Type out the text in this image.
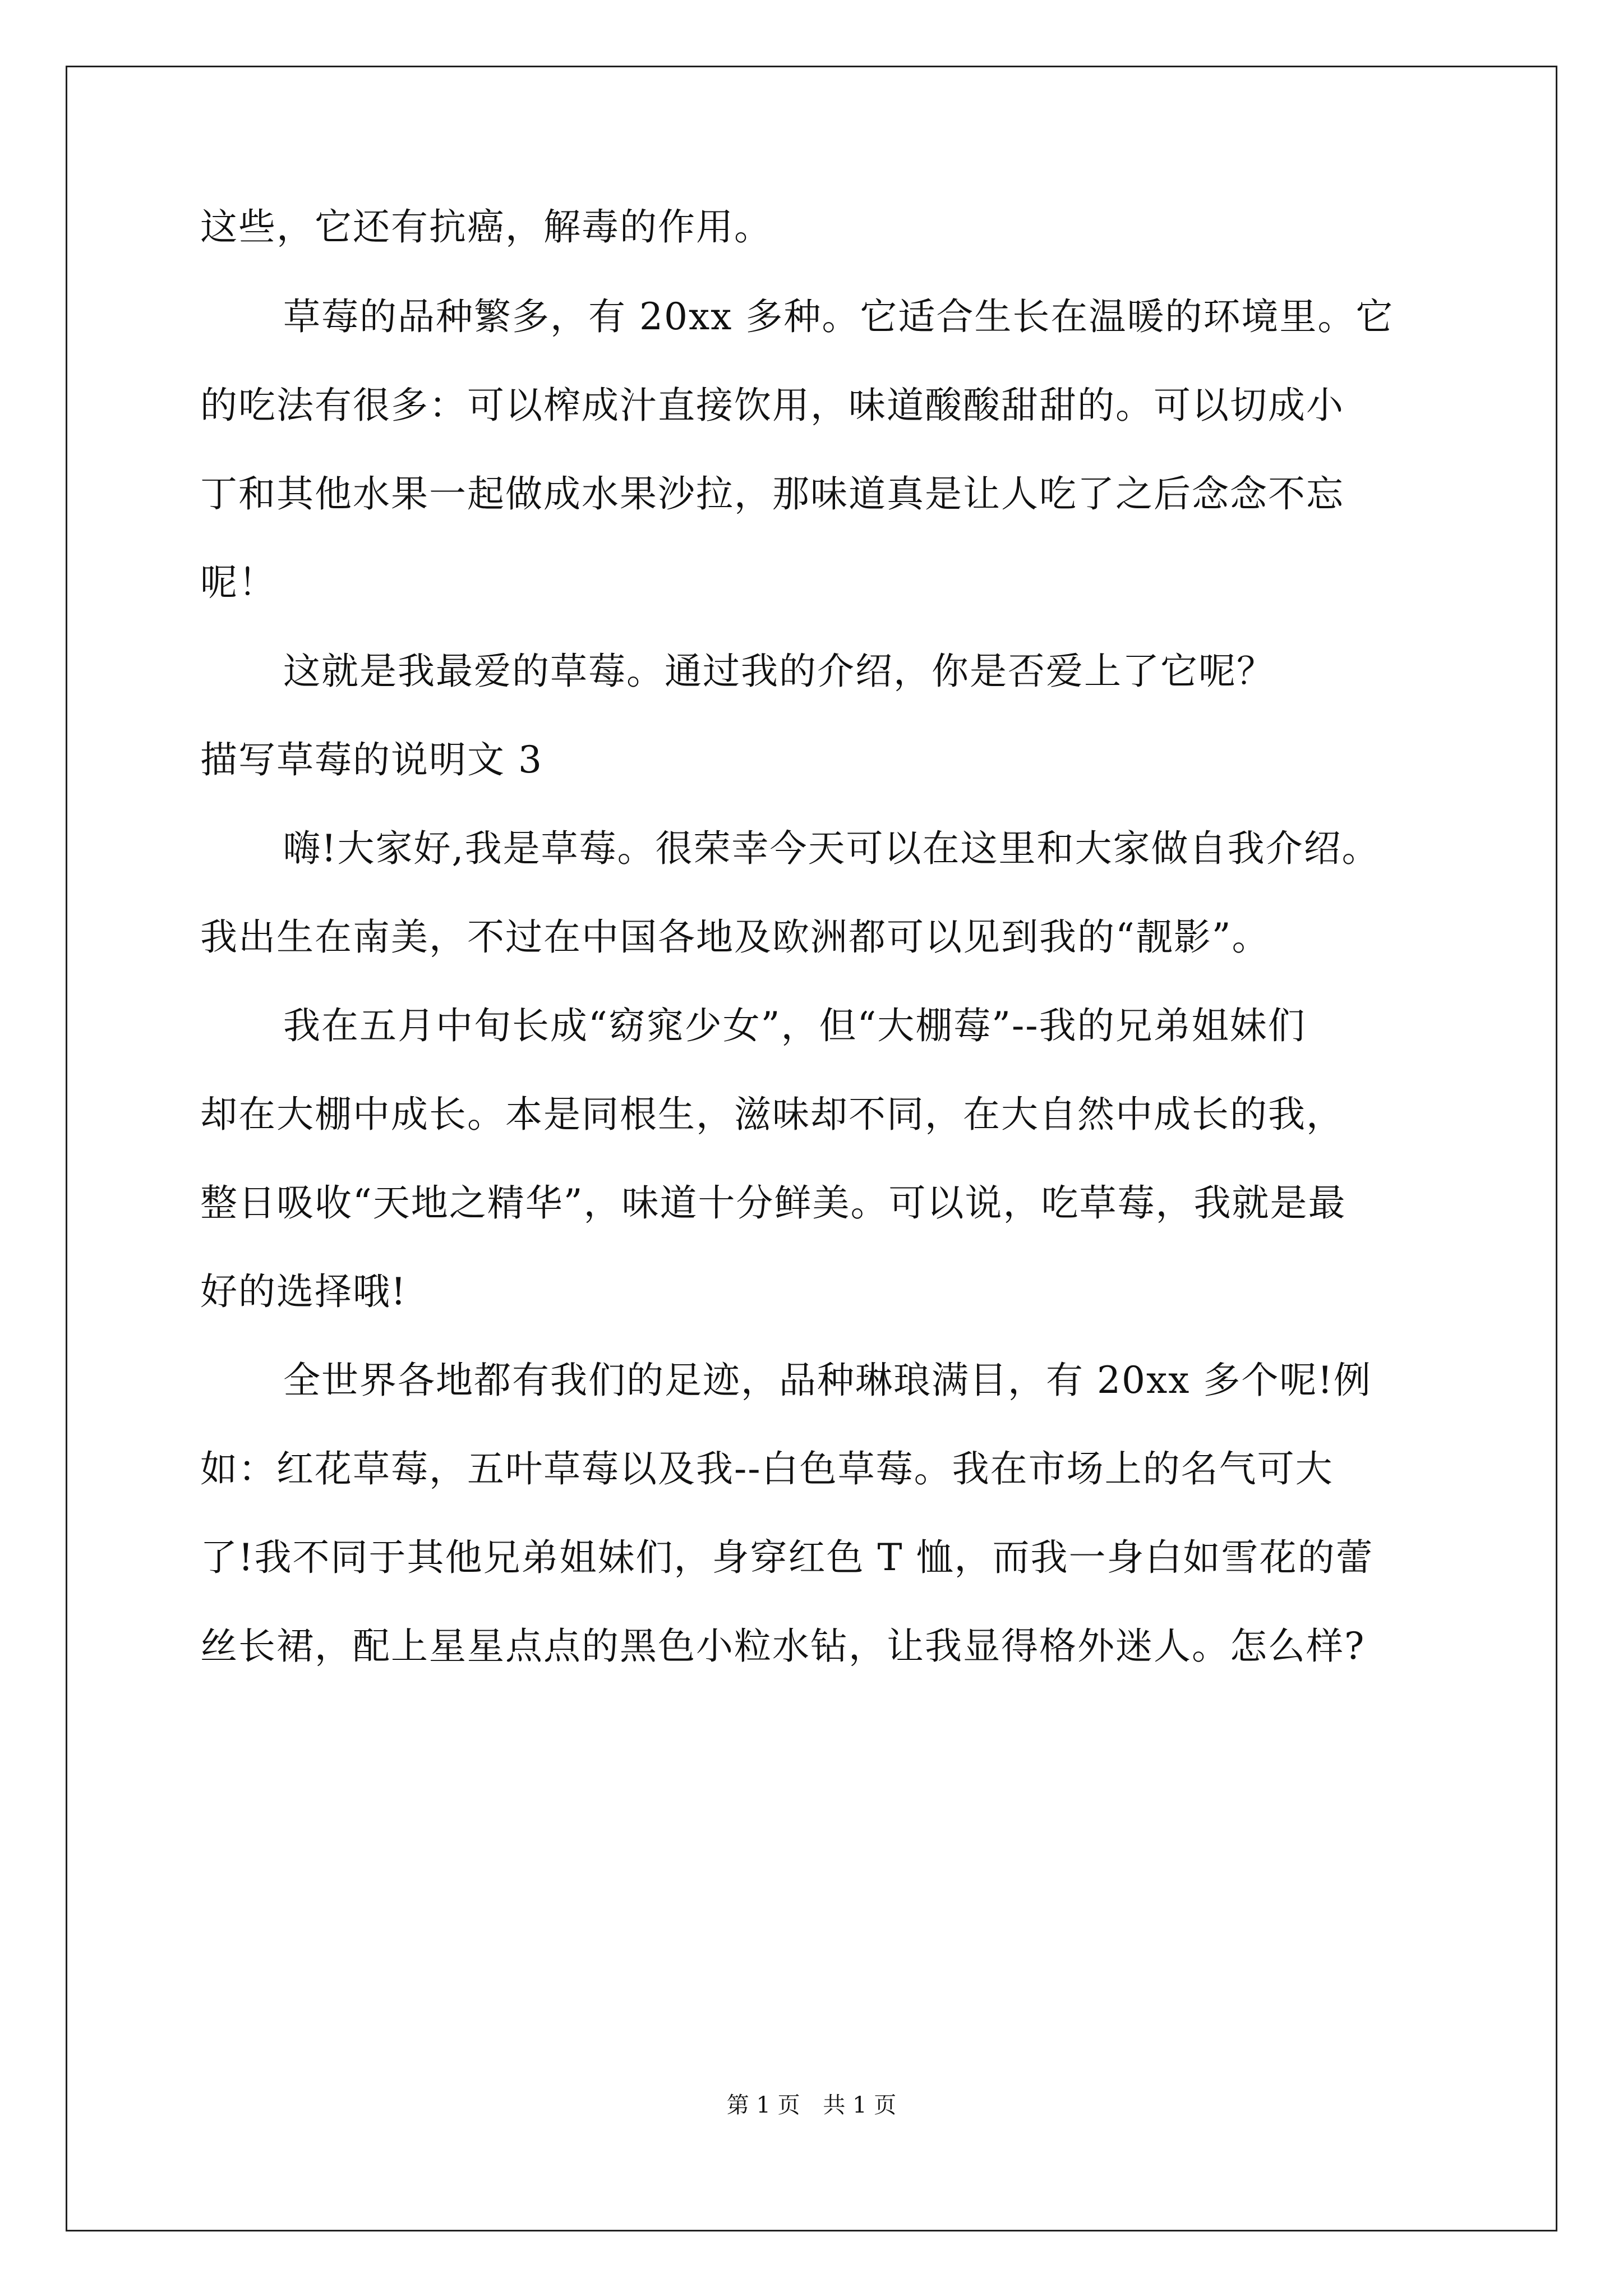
这些，它还有抗癌，解毒的作用。
草莓的品种繁多，有 20xx 多种。它适合生长在温暖的环境里。它
的吃法有很多：可以榨成汁直接饮用，味道酸酸甜甜的。可以切成小
丁和其他水果一起做成水果沙拉，那味道真是让人吃了之后念念不忘
呢！
这就是我最爱的草莓。通过我的介绍，你是否爱上了它呢？
描写草莓的说明文 3
嗨!大家好,我是草莓。很荣幸今天可以在这里和大家做自我介绍。
我出生在南美，不过在中国各地及欧洲都可以见到我的“靓影”。
我在五月中旬长成“窈窕少女”，但“大棚莓”--我的兄弟姐妹们
却在大棚中成长。本是同根生，滋味却不同，在大自然中成长的我，
整日吸收“天地之精华”，味道十分鲜美。可以说，吃草莓，我就是最
好的选择哦!
全世界各地都有我们的足迹，品种琳琅满目，有 20xx 多个呢!例
如：红花草莓，五叶草莓以及我--白色草莓。我在市场上的名气可大
了!我不同于其他兄弟姐妹们，身穿红色 T 恤，而我一身白如雪花的蕾
丝长裙，配上星星点点的黑色小粒水钻，让我显得格外迷人。怎么样?
第 1 页 共 1 页
